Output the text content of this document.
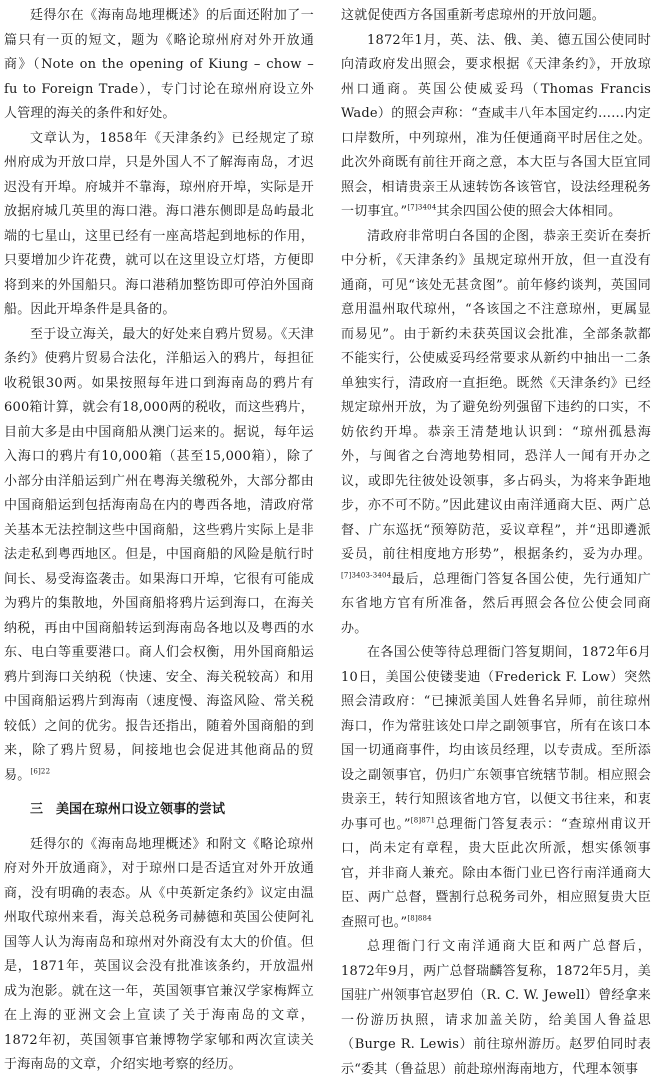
廷得尔在《海南岛地理概述》的后面还附加了一篇只有一页的短文，题为《略论琼州府对外开放通商》（Note on the opening of Kiung – chow – fu to Foreign Trade），专门讨论在琼州府设立外人管理的海关的条件和好处。

文章认为，1858年《天津条约》已经规定了琼州府成为开放口岸，只是外国人不了解海南岛，才迟迟没有开埠。府城并不靠海，琼州府开埠，实际是开放据府城几英里的海口港。海口港东侧即是岛屿最北端的七星山，这里已经有一座高塔起到地标的作用，只要增加少许花费，就可以在这里设立灯塔，方便即将到来的外国船只。海口港稍加整饬即可停泊外国商船。因此开埠条件是具备的。

至于设立海关，最大的好处来自鸦片贸易。《天津条约》使鸦片贸易合法化，洋船运入的鸦片，每担征收税银30两。如果按照每年进口到海南岛的鸦片有600箱计算，就会有18,000两的税收，而这些鸦片，目前大多是由中国商船从澳门运来的。据说，每年运入海口的鸦片有10,000箱（甚至15,000箱），除了小部分由洋船运到广州在粤海关缴税外，大部分都由中国商船运到包括海南岛在内的粤西各地，清政府常关基本无法控制这些中国商船，这些鸦片实际上是非法走私到粤西地区。但是，中国商船的风险是航行时间长、易受海盗袭击。如果海口开埠，它很有可能成为鸦片的集散地，外国商船将鸦片运到海口，在海关纳税，再由中国商船转运到海南岛各地以及粤西的水东、电白等重要港口。商人们会权衡，用外国商船运鸦片到海口关纳税（快速、安全、海关税较高）和用中国商船运鸦片到海南（速度慢、海盗风险、常关税较低）之间的优劣。报告还指出，随着外国商船的到来，除了鸦片贸易，间接地也会促进其他商品的贸易。$^{[6]22}$

三　美国在琼州口设立领事的尝试

廷得尔的《海南岛地理概述》和附文《略论琼州府对外开放通商》，对于琼州口是否适宜对外开放通商，没有明确的表态。从《中英新定条约》议定由温州取代琼州来看，海关总税务司赫德和英国公使阿礼国等人认为海南岛和琼州对外商没有太大的价值。但是，1871年，英国议会没有批准该条约，开放温州成为泡影。就在这一年，英国领事官兼汉学家梅辉立在上海的亚洲文会上宣读了关于海南岛的文章，1872年初，英国领事官兼博物学家郇和两次宣读关于海南岛的文章，介绍实地考察的经历。

这就促使西方各国重新考虑琼州的开放问题。

1872年1月，英、法、俄、美、德五国公使同时向清政府发出照会，要求根据《天津条约》，开放琼州口通商。英国公使威妥玛（Thomas Francis Wade）的照会声称：“查咸丰八年本国定约……内定口岸数所，中列琼州，准为任便通商平时居住之处。此次外商既有前往开商之意，本大臣与各国大臣宜同照会，相请贵亲王从速转饬各该管官，设法经理税务一切事宜。”$^{[7]3404}$其余四国公使的照会大体相同。

清政府非常明白各国的企图，恭亲王奕䜣在奏折中分析，《天津条约》虽规定琼州开放，但一直没有通商，可见“该处无甚贪图”。前年修约谈判，英国同意用温州取代琼州，“各该国之不注意琼州，更属显而易见”。由于新约未获英国议会批准，全部条款都不能实行，公使威妥玛经常要求从新约中抽出一二条单独实行，清政府一直拒绝。既然《天津条约》已经规定琼州开放，为了避免纷列强留下违约的口实，不妨依约开埠。恭亲王清楚地认识到：“琼州孤悬海外，与闽省之台湾地势相同，恐洋人一闻有开办之议，或即先往彼处设领事，多占码头，为将来争距地步，亦不可不防。”因此建议由南洋通商大臣、两广总督、广东巡抚“预筹防范，妥议章程”，并“迅即遴派妥员，前往相度地方形势”，根据条约，妥为办理。$^{[7]3403-3404}$最后，总理衙门答复各国公使，先行通知广东省地方官有所准备，然后再照会各位公使会同商办。

在各国公使等待总理衙门答复期间，1872年6月10日，美国公使镂斐迪（Frederick F. Low）突然照会清政府：“已揀派美国人姓鲁名异师，前往琼州海口，作为常驻该处口岸之副领事官，所有在该口本国一切通商事件，均由该员经理，以专责成。至所添设之副领事官，仍归广东领事官统辖节制。相应照会贵亲王，转行知照该省地方官，以便文书往来，和衷办事可也。”$^{[8]871}$总理衙门答复表示：“查琼州甫议开口，尚未定有章程，贵大臣此次所派，想实係领事官，并非商人兼充。除由本衙门业已咨行南洋通商大臣、两广总督，暨割行总税务司外，相应照复贵大臣查照可也。”$^{[8]884}$

总理衙门行文南洋通商大臣和两广总督后，1872年9月，两广总督瑞麟答复称，1872年5月，美国驻广州领事官赵罗伯（R. C. W. Jewell）曾经拿来一份游历执照，请求加盖关防，给美国人鲁益思（Burge R. Lewis）前往琼州游历。赵罗伯同时表示“委其（鲁益思）前赴琼州海南地方，代理本领事
